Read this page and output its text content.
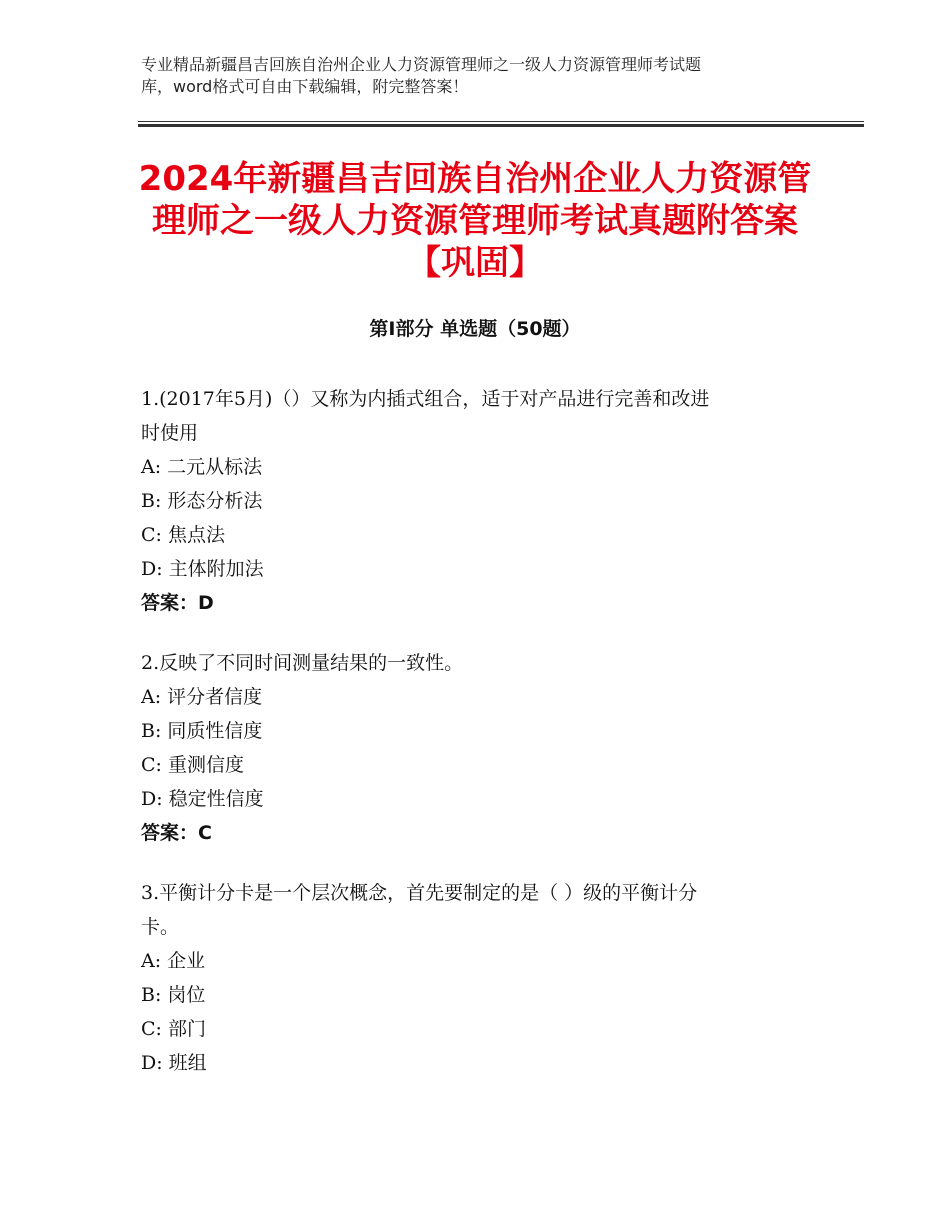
专业精品新疆昌吉回族自治州企业人力资源管理师之一级人力资源管理师考试题

库，word格式可自由下载编辑，附完整答案！

2024年新疆昌吉回族自治州企业人力资源管

理师之一级人力资源管理师考试真题附答案

【巩固】

第Ⅰ部分 单选题（50题）
1.(2017年5月)（）又称为内插式组合，适于对产品进行完善和改进
时使用
A: 二元从标法
B: 形态分析法
C: 焦点法
D: 主体附加法
答案：D
2.反映了不同时间测量结果的一致性。
A: 评分者信度
B: 同质性信度
C: 重测信度
D: 稳定性信度
答案：C
3.平衡计分卡是一个层次概念，首先要制定的是（ ）级的平衡计分
卡。
A: 企业
B: 岗位
C: 部门
D: 班组
